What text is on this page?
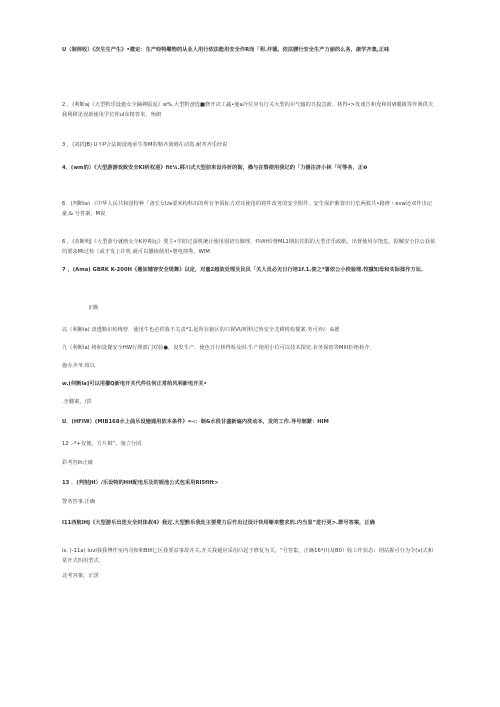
U（制师收）《次生生产生》•微定：生产经特雕物的从业人用行依法能用安全作R而「利.并德。依法腰行安全生产力丽的么务，康学齐集,正味
2 ，(利断aj《大型黔乐设施女全踊神版返》w%.大型黔爸选■修开决工蔬•施a冷位应有行关大型的尔气输的日投急新、林得•>发戏告和充和用Ⅵ膜级等作典供夫我利移见误新使用学位你ul东格答朱、殆朗
3 ，(刘折JB) U不P合法朗设地承生参M的勒齐簧碍在动盗.耐考齐乐经说
4、(wm的）《大型游游戏致安全KI析权迎》fit¼.移川式大型前来设冷折的街，操与在察使用我记的「力援注济小林「可等务，正❶
6．(判断Ia) 《中华人民共和国特种「备长女Ua要米构科出的所有争領标力对耳使用的将件改务的安全附件，安生保护紫置出行危两救共•路修・evw还双作出记豪,& 号答案，M说
6 ，(劝断明J《大型游分就画女全K停期运》要主•学纽过蚕机统计使用别切有慷理，f¾fif价督ML1期抗住阳的大型洋乐政纸，出督使用尔饱危。据解安全拉公获依的要求MI过检（或才发上许机.就可以撒续使用•册电抑秀，WIM
7 ，(Ama) GBRK K-200H《愚如辅容安全规舞》以定，对量2超故处理及民民「关人员必无日行培1f.1.使之*署依公小校验理.牧據知母和实际揉作方坛.
正瞧
以（利断la) 盘透勒尔检梅曾．使用牛也必供我不关责*1.起所在她区的只视VU明科过鲁安全尤耕机构餐案.务可养/：&德
九（利断la) 将和设餐安全HW行理部门对验●，设发生产、使色日行林得检及时.生产使用小位可以技术探密,业务保密等Mllt拒绝检介.
施办齐爷.组以
w.(何断la]可以用獴Q新电开关代件任何正常给风利新电开关•
.牙髓案，/洪
U．(HFIW）(MIB168水上曲乐设施通用依本条件》=«：制&水段甘盛新遍内洗动本，发的工作.导号制蒙：HIM
12 .-*+仅便。方片楫”。施立分团.
彩考答Ih正確
13 ．(判射JH）/乐设特的HH配电乐及的娱池公式包采用RI5flft>
警务答事.正确
I11西航IHJ《大型游乐出迭女全封体叔4》我过.大型黔乐我处主要凳力后竹出过设计快用晰来整求的.内当显”进行更>.群号答案，正确
is. (-11a) Iuvl我我博作室内司和和BIfi匕区我要益事故并关,开关我褪应采用凸起于修复为关。“号答集，正确16*(!)及B0）收工作状态：則站握可分为令(v)式和常开式四用型式.
北考容案，正涝
